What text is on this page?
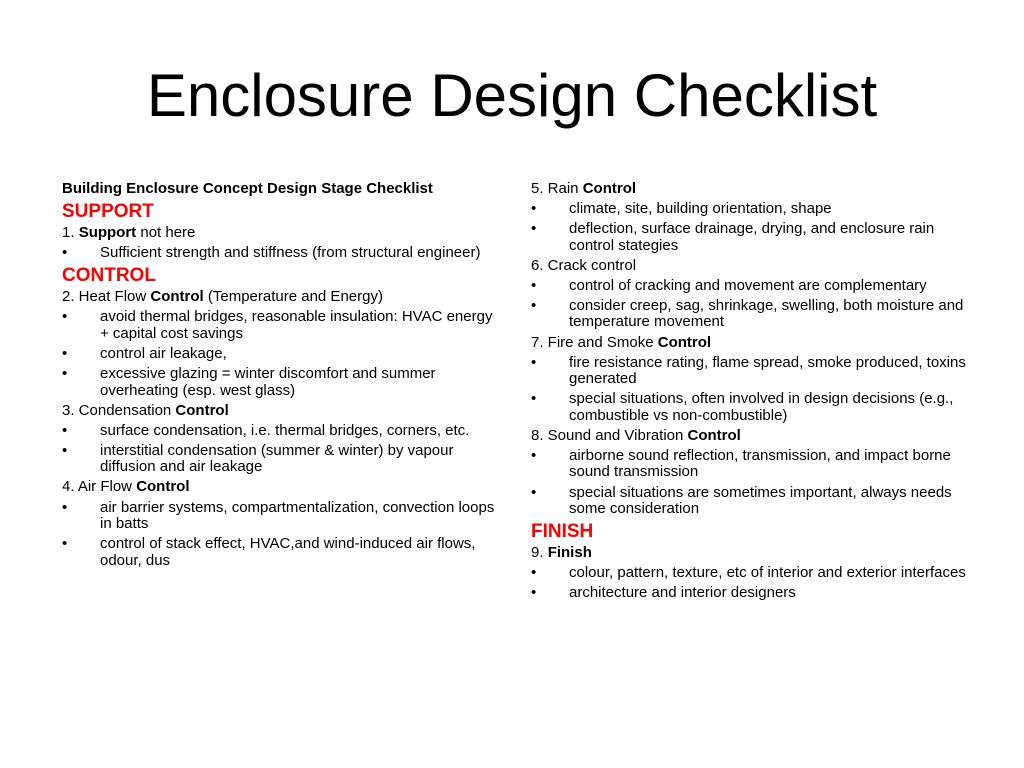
Enclosure Design Checklist
Building Enclosure Concept Design Stage Checklist
SUPPORT
1. Support not here
• Sufficient strength and stiffness (from structural engineer)
CONTROL
2. Heat Flow Control (Temperature and Energy)
• avoid thermal bridges, reasonable insulation: HVAC energy + capital cost savings
• control air leakage,
• excessive glazing = winter discomfort and summer overheating (esp. west glass)
3. Condensation Control
• surface condensation, i.e. thermal bridges, corners, etc.
• interstitial condensation (summer & winter) by vapour diffusion and air leakage
4. Air Flow Control
• air barrier systems, compartmentalization, convection loops in batts
• control of stack effect, HVAC,and wind-induced air flows, odour, dus
5. Rain Control
• climate, site, building orientation, shape
• deflection, surface drainage, drying, and enclosure rain control stategies
6. Crack control
• control of cracking and movement are complementary
• consider creep, sag, shrinkage, swelling, both moisture and temperature movement
7. Fire and Smoke Control
• fire resistance rating, flame spread, smoke produced, toxins generated
• special situations, often involved in design decisions (e.g., combustible vs non-combustible)
8. Sound and Vibration Control
• airborne sound reflection, transmission, and impact borne sound transmission
• special situations are sometimes important, always needs some consideration
FINISH
9. Finish
• colour, pattern, texture, etc of interior and exterior interfaces
• architecture and interior designers
